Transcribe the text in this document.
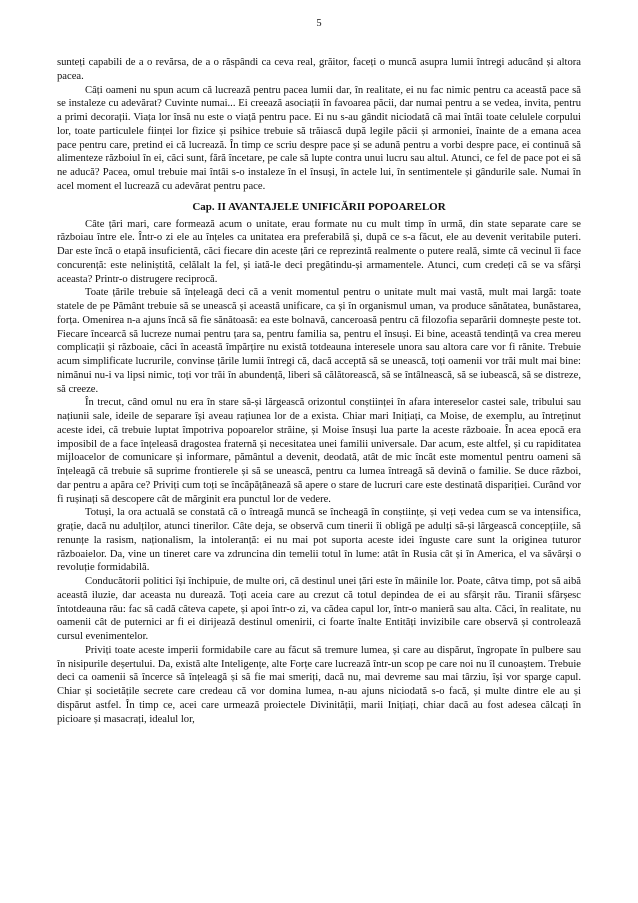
5

sunteți capabili de a o revărsa, de a o răspândi ca ceva real, grăitor, faceți o muncă asupra lumii întregi aducând și altora pacea.

Câți oameni nu spun acum că lucrează pentru pacea lumii dar, în realitate, ei nu fac nimic pentru ca această pace să se instaleze cu adevărat? Cuvinte numai... Ei creează asociații în favoarea păcii, dar numai pentru a se vedea, invita, pentru a primi decorații. Viața lor însă nu este o viață pentru pace. Ei nu s-au gândit niciodată că mai întâi toate celulele corpului lor, toate particulele ființei lor fizice și psihice trebuie să trăiască după legile păcii și armoniei, înainte de a emana acea pace pentru care, pretind ei că lucrează. În timp ce scriu despre pace și se adună pentru a vorbi despre pace, ei continuă să alimenteze războiul în ei, căci sunt, fără încetare, pe cale să lupte contra unui lucru sau altul. Atunci, ce fel de pace pot ei să ne aducă? Pacea, omul trebuie mai întâi s-o instaleze în el însuși, în actele lui, în sentimentele și gândurile sale. Numai în acel moment el lucrează cu adevărat pentru pace.

Cap. II AVANTAJELE UNIFICĂRII POPOARELOR

Câte țări mari, care formează acum o unitate, erau formate nu cu mult timp în urmă, din state separate care se războiau între ele. Într-o zi ele au înțeles ca unitatea era preferabilă și, după ce s-a făcut, ele au devenit veritabile puteri. Dar este încă o etapă insuficientă, căci fiecare din aceste țări ce reprezintă realmente o putere reală, simte că vecinul îi face concurență: este neliniștită, celălalt la fel, și iată-le deci pregătindu-și armamentele. Atunci, cum credeți că se va sfârși aceasta? Printr-o distrugere reciprocă.

Toate țările trebuie să înțeleagă deci că a venit momentul pentru o unitate mult mai vastă, mult mai largă: toate statele de pe Pământ trebuie să se unească și această unificare, ca și în organismul uman, va produce sănătatea, bunăstarea, forța. Omenirea n-a ajuns încă să fie sănătoasă: ea este bolnavă, canceroasă pentru că filozofia separării domnește peste tot. Fiecare încearcă să lucreze numai pentru țara sa, pentru familia sa, pentru el însuși. Ei bine, această tendință va crea mereu complicații și războaie, căci în această împărțire nu există totdeauna interesele unora sau altora care vor fi rănite. Trebuie acum simplificate lucrurile, convinse țările lumii întregi că, dacă acceptă să se unească, toți oamenii vor trăi mult mai bine: nimănui nu-i va lipsi nimic, toți vor trăi în abundență, liberi să călătorească, să se întâlnească, să se iubească, să se distreze, să creeze.

În trecut, când omul nu era în stare să-și lărgească orizontul conștiinței în afara intereselor castei sale, tribului sau națiunii sale, ideile de separare își aveau rațiunea lor de a exista. Chiar mari Inițiați, ca Moise, de exemplu, au întreținut aceste idei, că trebuie luptat împotriva popoarelor străine, și Moise însuși lua parte la aceste războaie. În acea epocă era imposibil de a face înțeleasă dragostea fraternă și necesitatea unei familii universale. Dar acum, este altfel, și cu rapiditatea mijloacelor de comunicare și informare, pământul a devenit, deodată, atât de mic încât este momentul pentru oameni să înțeleagă că trebuie să suprime frontierele și să se unească, pentru ca lumea întreagă să devină o familie. Se duce război, dar pentru a apăra ce? Priviți cum toți se încăpățânează să apere o stare de lucruri care este destinată dispariției. Curând vor fi rușinați să descopere cât de mărginit era punctul lor de vedere.

Totuși, la ora actuală se constată că o întreagă muncă se încheagă în conștiințe, și veți vedea cum se va intensifica, grație, dacă nu adulților, atunci tinerilor. Câte deja, se observă cum tinerii îi obligă pe adulți să-și lărgească concepțiile, să renunțe la rasism, naționalism, la intoleranță: ei nu mai pot suporta aceste idei înguste care sunt la originea tuturor războaielor. Da, vine un tineret care va zdruncina din temelii totul în lume: atât în Rusia cât și în America, el va săvârși o revoluție formidabilă.

Conducătorii politici își închipuie, de multe ori, că destinul unei țări este în mâinile lor. Poate, câtva timp, pot să aibă această iluzie, dar aceasta nu durează. Toți aceia care au crezut că totul depindea de ei au sfârșit rău. Tiranii sfârșesc întotdeauna rău: fac să cadă câteva capete, și apoi într-o zi, va cădea capul lor, într-o manieră sau alta. Căci, în realitate, nu oamenii cât de puternici ar fi ei dirijează destinul omenirii, ci foarte înalte Entități invizibile care observă și controlează cursul evenimentelor.

Priviți toate aceste imperii formidabile care au făcut să tremure lumea, și care au dispărut, îngropate în pulbere sau în nisipurile deșertului. Da, există alte Inteligențe, alte Forțe care lucrează într-un scop pe care noi nu îl cunoaștem. Trebuie deci ca oamenii să încerce să înțeleagă și să fie mai smeriți, dacă nu, mai devreme sau mai târziu, își vor sparge capul. Chiar și societățile secrete care credeau că vor domina lumea, n-au ajuns niciodată s-o facă, și multe dintre ele au și dispărut astfel. În timp ce, acei care urmează proiectele Divinității, marii Inițiați, chiar dacă au fost adesea călcați în picioare și masacrați, idealul lor,
